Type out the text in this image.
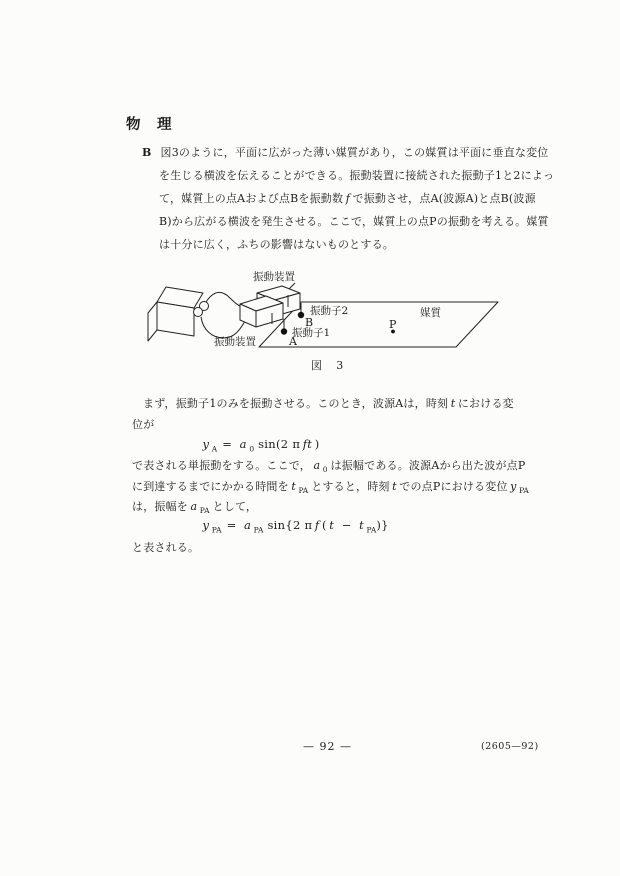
物　理
B 図3のように，平面に広がった薄い媒質があり，この媒質は平面に垂直な変位
を生じる横波を伝えることができる。振動装置に接続された振動子1と2によっ
て，媒質上の点Aおよび点Bを振動数 f で振動させ，点A(波源A)と点B(波源
B)から広がる横波を発生させる。ここで，媒質上の点Pの振動を考える。媒質
は十分に広く，ふちの影響はないものとする。
振動装置
振動装置
振動子2
B
振動子1
A
P
媒質
図 3
まず，振動子1のみを振動させる。このとき，波源Aは，時刻 t における変
位が
y $_A$ = a $_0$ sin(2 π ft )
で表される単振動をする。ここで， a $_0$ は振幅である。波源Aから出た波が点P
に到達するまでにかかる時間を t $_{PA}$ とすると，時刻 t での点Pにおける変位 y $_{PA}$
は，振幅を a $_{PA}$ として，
y $_{PA}$ = a $_{PA}$ sin{2 π f ( t − t $_{PA}$)}
と表される。
— 92 —	(2605—92)
